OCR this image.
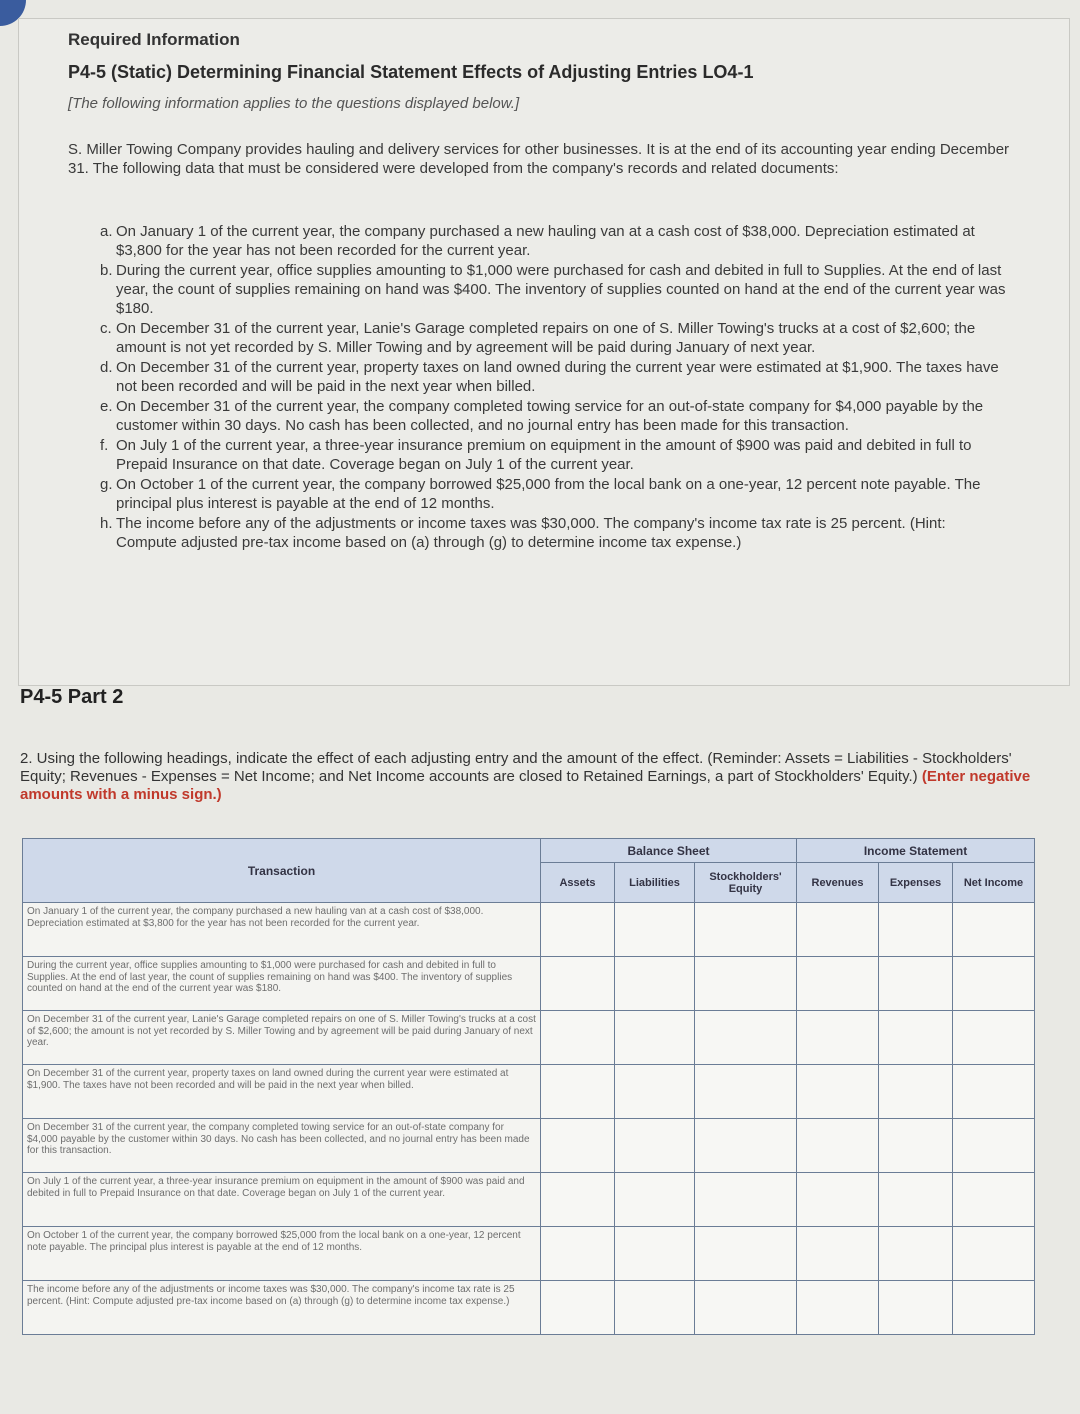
Required Information
P4-5 (Static) Determining Financial Statement Effects of Adjusting Entries LO4-1
[The following information applies to the questions displayed below.]
S. Miller Towing Company provides hauling and delivery services for other businesses. It is at the end of its accounting year ending December 31. The following data that must be considered were developed from the company's records and related documents:
a. On January 1 of the current year, the company purchased a new hauling van at a cash cost of $38,000. Depreciation estimated at $3,800 for the year has not been recorded for the current year.
b. During the current year, office supplies amounting to $1,000 were purchased for cash and debited in full to Supplies. At the end of last year, the count of supplies remaining on hand was $400. The inventory of supplies counted on hand at the end of the current year was $180.
c. On December 31 of the current year, Lanie's Garage completed repairs on one of S. Miller Towing's trucks at a cost of $2,600; the amount is not yet recorded by S. Miller Towing and by agreement will be paid during January of next year.
d. On December 31 of the current year, property taxes on land owned during the current year were estimated at $1,900. The taxes have not been recorded and will be paid in the next year when billed.
e. On December 31 of the current year, the company completed towing service for an out-of-state company for $4,000 payable by the customer within 30 days. No cash has been collected, and no journal entry has been made for this transaction.
f. On July 1 of the current year, a three-year insurance premium on equipment in the amount of $900 was paid and debited in full to Prepaid Insurance on that date. Coverage began on July 1 of the current year.
g. On October 1 of the current year, the company borrowed $25,000 from the local bank on a one-year, 12 percent note payable. The principal plus interest is payable at the end of 12 months.
h. The income before any of the adjustments or income taxes was $30,000. The company's income tax rate is 25 percent. (Hint: Compute adjusted pre-tax income based on (a) through (g) to determine income tax expense.)
P4-5 Part 2
2. Using the following headings, indicate the effect of each adjusting entry and the amount of the effect. (Reminder: Assets = Liabilities - Stockholders' Equity; Revenues - Expenses = Net Income; and Net Income accounts are closed to Retained Earnings, a part of Stockholders' Equity.) (Enter negative amounts with a minus sign.)
Transaction	Balance Sheet			Income Statement		
	Assets	Liabilities	Stockholders' Equity	Revenues	Expenses	Net Income
On January 1 of the current year, the company purchased a new hauling van at a cash cost of $38,000. Depreciation estimated at $3,800 for the year has not been recorded for the current year.						
During the current year, office supplies amounting to $1,000 were purchased for cash and debited in full to Supplies. At the end of last year, the count of supplies remaining on hand was $400. The inventory of supplies counted on hand at the end of the current year was $180.						
On December 31 of the current year, Lanie's Garage completed repairs on one of S. Miller Towing's trucks at a cost of $2,600; the amount is not yet recorded by S. Miller Towing and by agreement will be paid during January of next year.						
On December 31 of the current year, property taxes on land owned during the current year were estimated at $1,900. The taxes have not been recorded and will be paid in the next year when billed.						
On December 31 of the current year, the company completed towing service for an out-of-state company for $4,000 payable by the customer within 30 days. No cash has been collected, and no journal entry has been made for this transaction.						
On July 1 of the current year, a three-year insurance premium on equipment in the amount of $900 was paid and debited in full to Prepaid Insurance on that date. Coverage began on July 1 of the current year.						
On October 1 of the current year, the company borrowed $25,000 from the local bank on a one-year, 12 percent note payable. The principal plus interest is payable at the end of 12 months.						
The income before any of the adjustments or income taxes was $30,000. The company's income tax rate is 25 percent. (Hint: Compute adjusted pre-tax income based on (a) through (g) to determine income tax expense.)						
